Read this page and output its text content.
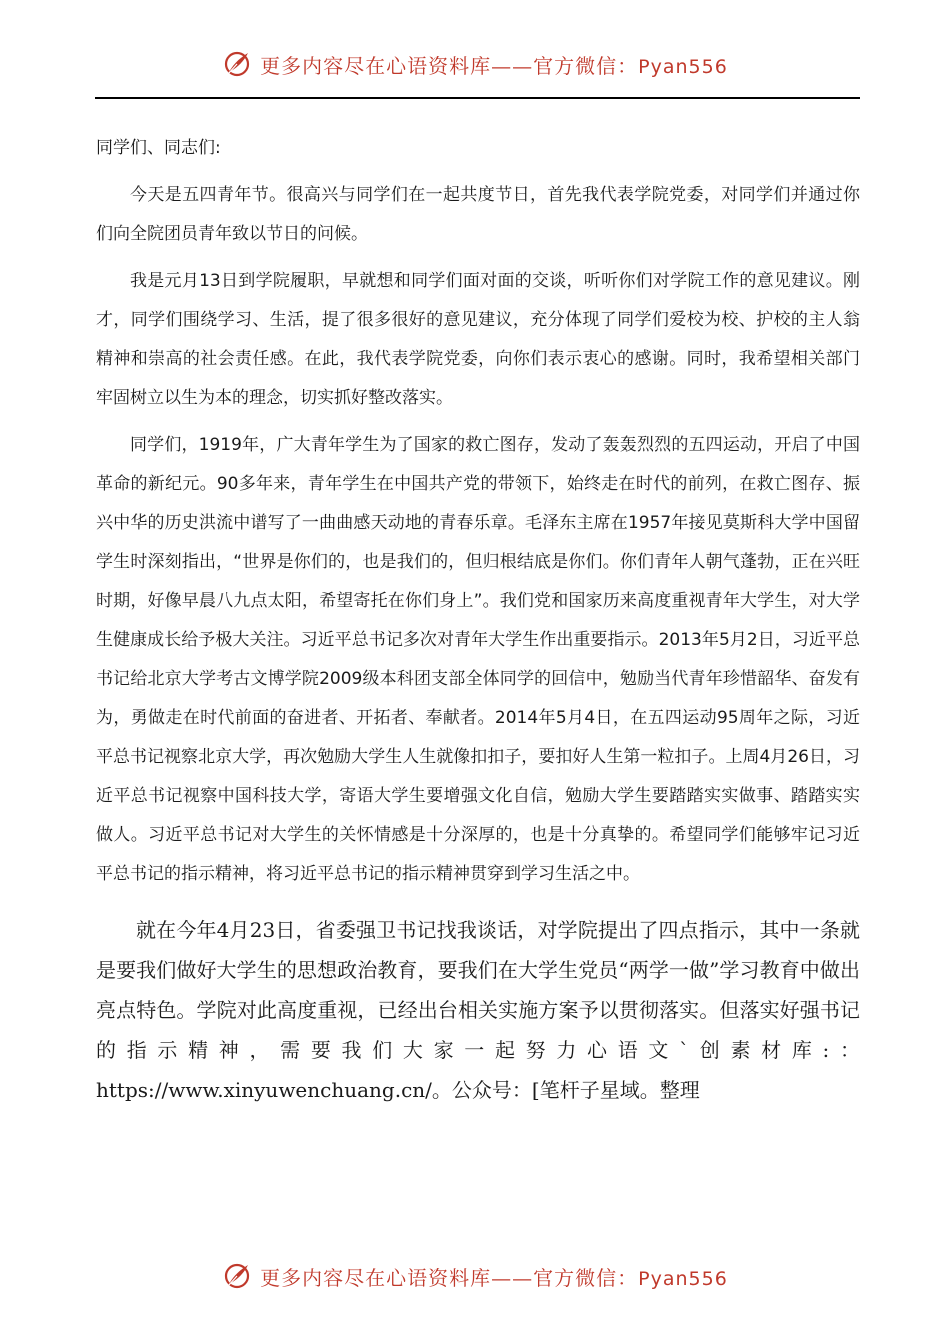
更多内容尽在心语资料库——官方微信：Pyan556

同学们、同志们:

今天是五四青年节。很高兴与同学们在一起共度节日，首先我代表学院党委，对同学们并通过你们向全院团员青年致以节日的问候。

我是元月13日到学院履职，早就想和同学们面对面的交谈，听听你们对学院工作的意见建议。刚才，同学们围绕学习、生活，提了很多很好的意见建议，充分体现了同学们爱校为校、护校的主人翁精神和崇高的社会责任感。在此，我代表学院党委，向你们表示衷心的感谢。同时，我希望相关部门牢固树立以生为本的理念，切实抓好整改落实。

同学们，1919年，广大青年学生为了国家的救亡图存，发动了轰轰烈烈的五四运动，开启了中国革命的新纪元。90多年来，青年学生在中国共产党的带领下，始终走在时代的前列，在救亡图存、振兴中华的历史洪流中谱写了一曲曲感天动地的青春乐章。毛泽东主席在1957年接见莫斯科大学中国留学生时深刻指出，“世界是你们的，也是我们的，但归根结底是你们。你们青年人朝气蓬勃，正在兴旺时期，好像早晨八九点太阳，希望寄托在你们身上”。我们党和国家历来高度重视青年大学生，对大学生健康成长给予极大关注。习近平总书记多次对青年大学生作出重要指示。2013年5月2日，习近平总书记给北京大学考古文博学院2009级本科团支部全体同学的回信中，勉励当代青年珍惜韶华、奋发有为，勇做走在时代前面的奋进者、开拓者、奉献者。2014年5月4日，在五四运动95周年之际，习近平总书记视察北京大学，再次勉励大学生人生就像扣扣子，要扣好人生第一粒扣子。上周4月26日，习近平总书记视察中国科技大学，寄语大学生要增强文化自信，勉励大学生要踏踏实实做事、踏踏实实做人。习近平总书记对大学生的关怀情感是十分深厚的，也是十分真挚的。希望同学们能够牢记习近平总书记的指示精神，将习近平总书记的指示精神贯穿到学习生活之中。

就在今年4月23日，省委强卫书记找我谈话，对学院提出了四点指示，其中一条就是要我们做好大学生的思想政治教育，要我们在大学生党员“两学一做”学习教育中做出亮点特色。学院对此高度重视，已经出台相关实施方案予以贯彻落实。但落实好强书记的指示精神，需要我们大家一起努力心语文`创素材库:：https://www.xinyuwenchuang.cn/。公众号：[笔杆子星域。整理

更多内容尽在心语资料库——官方微信：Pyan556
